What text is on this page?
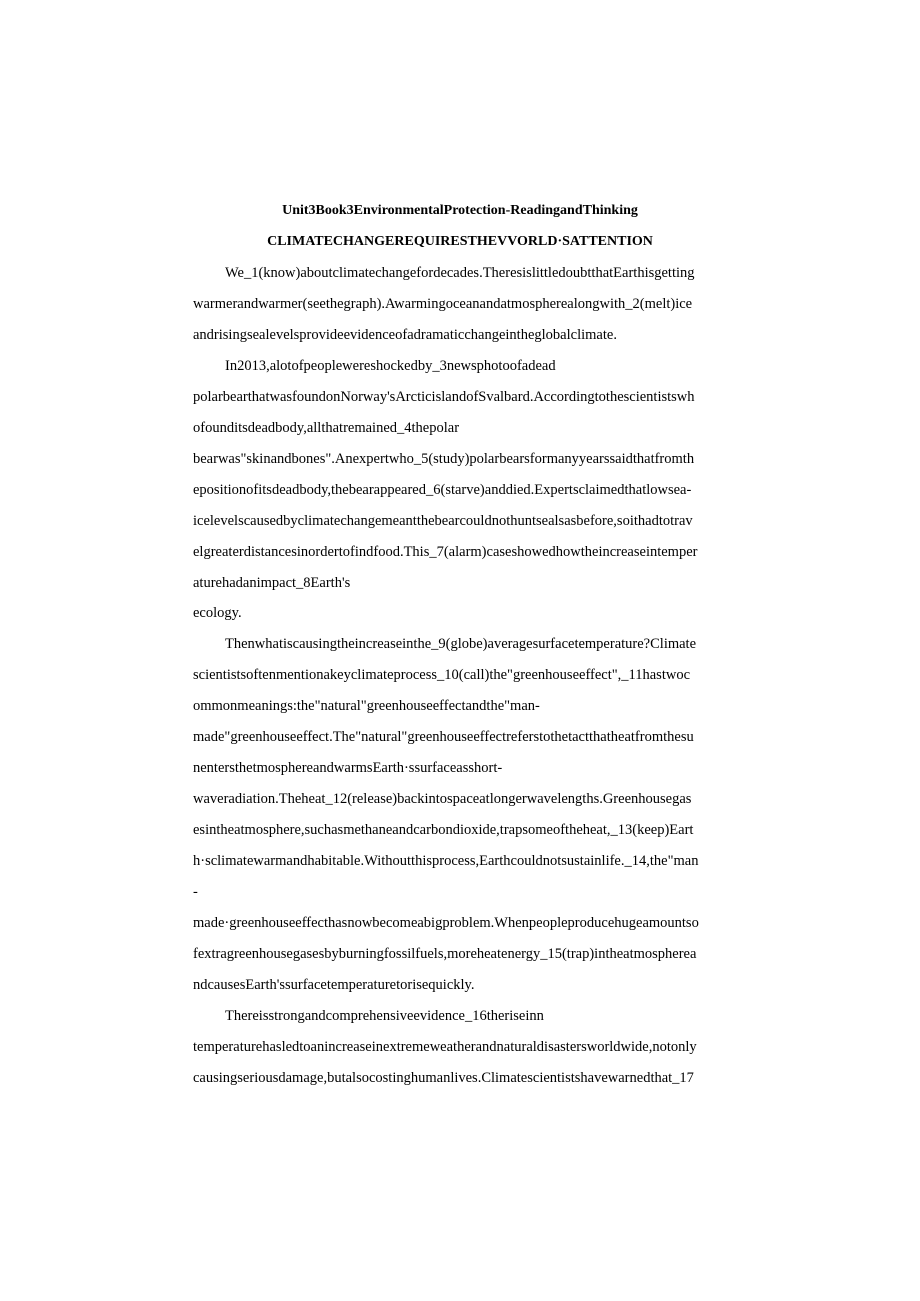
Unit3Book3EnvironmentalProtection-ReadingandThinking
CLIMATECHANGEREQUIRESTHEVVORLD·SATTENTION
We_1(know)aboutclimatechangefordecades.TheresislittledoubtthatEarthisgetting
warmerandwarmer(seethegraph).Awarmingoceanandatmospherealongwith_2(melt)ice
andrisingsealevelsprovideevidenceofadramaticchangeintheglobalclimate.
In2013,alotofpeoplewereshockedby_3newsphotoofadead
polarbearthatwasfoundonNorway'sArcticislandofSvalbard.Accordingtothescientistswh
ofounditsdeadbody,allthatremained_4thepolar
bearwas"skinandbones".Anexpertwho_5(study)polarbearsformanyyearssaidthatfromth
epositionofitsdeadbody,thebearappeared_6(starve)anddied.Expertsclaimedthatlowsea-
icelevelscausedbyclimatechangemeantthebearcouldnothuntsealsasbefore,soithadtotrav
elgreaterdistancesinordertofindfood.This_7(alarm)caseshowedhowtheincreaseintemper
aturehadanimpact_8Earth's
ecology.
Thenwhatiscausingtheincreaseinthe_9(globe)averagesurfacetemperature?Climate
scientistsoftenmentionakeyclimateprocess_10(call)the"greenhouseeffect",_11hastwoc
ommonmeanings:the"natural"greenhouseeffectandthe"man-
made"greenhouseeffect.The"natural"greenhouseeffectreferstothetactthatheatfromthesu
nentersthetmosphereandwarmsEarth·ssurfaceasshort-
waveradiation.Theheat_12(release)backintospaceatlongerwavelengths.Greenhousegas
esintheatmosphere,suchasmethaneandcarbondioxide,trapsomeoftheheat,_13(keep)Eart
h·sclimatewarmandhabitable.Withoutthisprocess,Earthcouldnotsustainlife._14,the"man
-
made·greenhouseeffecthasnowbecomeabigproblem.Whenpeopleproducehugeamountso
fextragreenhousegasesbyburningfossilfuels,moreheatenergy_15(trap)intheatmospherea
ndcausesEarth'ssurfacetemperaturetorisequickly.
Thereisstrongandcomprehensiveevidence_16theriseinn
temperaturehasledtoanincreaseinextremeweatherandnaturaldisastersworldwide,notonly
causingseriousdamage,butalsocostinghumanlives.Climatescientistshavewarnedthat_17
